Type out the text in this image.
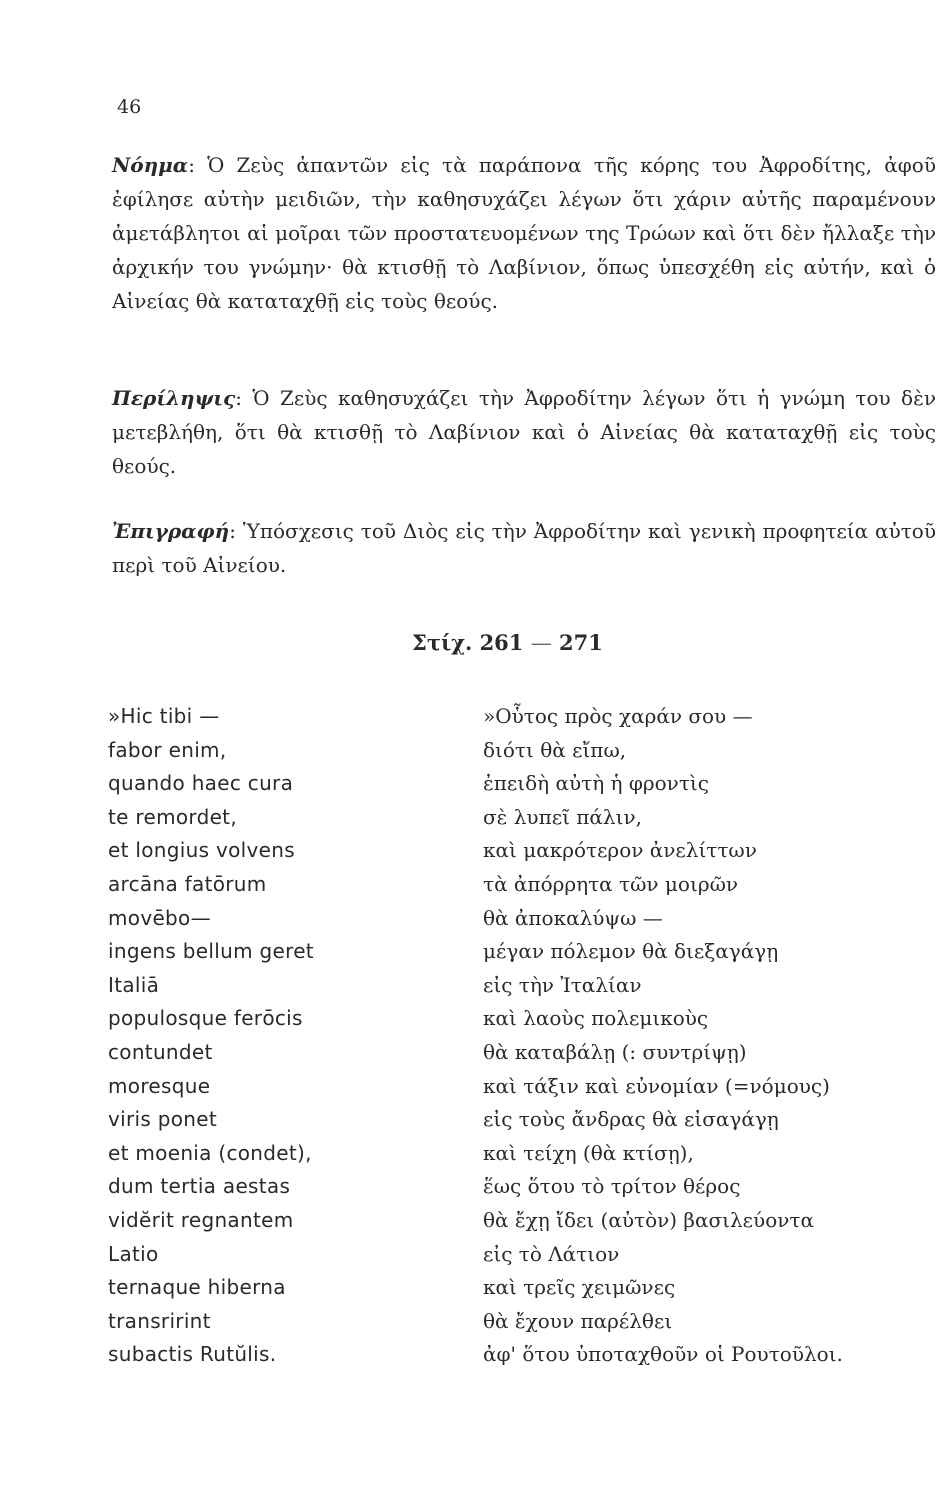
46

Νόημα: Ὁ Ζεὺς ἀπαντῶν εἰς τὰ παράπονα τῆς κόρης του Ἀφροδίτης, ἀφοῦ ἐφίλησε αὐτὴν μειδιῶν, τὴν καθησυχάζει λέγων ὅτι χάριν αὐτῆς παραμένουν ἀμετάβλητοι αἱ μοῖραι τῶν προστατευομένων της Τρώων καὶ ὅτι δὲν ἤλλαξε τὴν ἀρχικήν του γνώμην· θὰ κτισθῇ τὸ Λαβίνιον, ὅπως ὑπεσχέθη εἰς αὐτήν, καὶ ὁ Αἰνείας θὰ καταταχθῇ εἰς τοὺς θεούς.

Περίληψις: Ὁ Ζεὺς καθησυχάζει τὴν Ἀφροδίτην λέγων ὅτι ἡ γνώμη του δὲν μετεβλήθη, ὅτι θὰ κτισθῇ τὸ Λαβίνιον καὶ ὁ Αἰνείας θὰ καταταχθῇ εἰς τοὺς θεούς.

Ἐπιγραφή: Ὑπόσχεσις τοῦ Διὸς εἰς τὴν Ἀφροδίτην καὶ γενικὴ προφητεία αὐτοῦ περὶ τοῦ Αἰνείου.

Στίχ. 261 — 271
»Hic tibi —
fabor enim,
quando haec cura
te remordet,
et longius volvens
arcāna fatōrum
movēbo—
ingens bellum geret
Italiā
populosque ferōcis
contundet
moresque
viris ponet
et moenia (condet),
dum tertia aestas
vidĕrit regnantem
Latio
ternaque hiberna
transrirint
subactis Rutŭlis.
»Οὗτος πρὸς χαράν σου —
διότι θὰ εἴπω,
ἐπειδὴ αὐτὴ ἡ φροντὶς
σὲ λυπεῖ πάλιν,
καὶ μακρότερον ἀνελίττων
τὰ ἀπόρρητα τῶν μοιρῶν
θὰ ἀποκαλύψω —
μέγαν πόλεμον θὰ διεξαγάγῃ
εἰς τὴν Ἰταλίαν
καὶ λαοὺς πολεμικοὺς
θὰ καταβάλῃ (: συντρίψῃ)
καὶ τάξιν καὶ εὐνομίαν (=νόμους)
εἰς τοὺς ἄνδρας θὰ εἰσαγάγῃ
καὶ τείχη (θὰ κτίσῃ),
ἕως ὅτου τὸ τρίτον θέρος
θὰ ἔχῃ ἴδει (αὐτὸν) βασιλεύοντα
εἰς τὸ Λάτιον
καὶ τρεῖς χειμῶνες
θὰ ἔχουν παρέλθει
ἀφ' ὅτου ὑποταχθοῦν οἱ Ρουτοῦλοι.
